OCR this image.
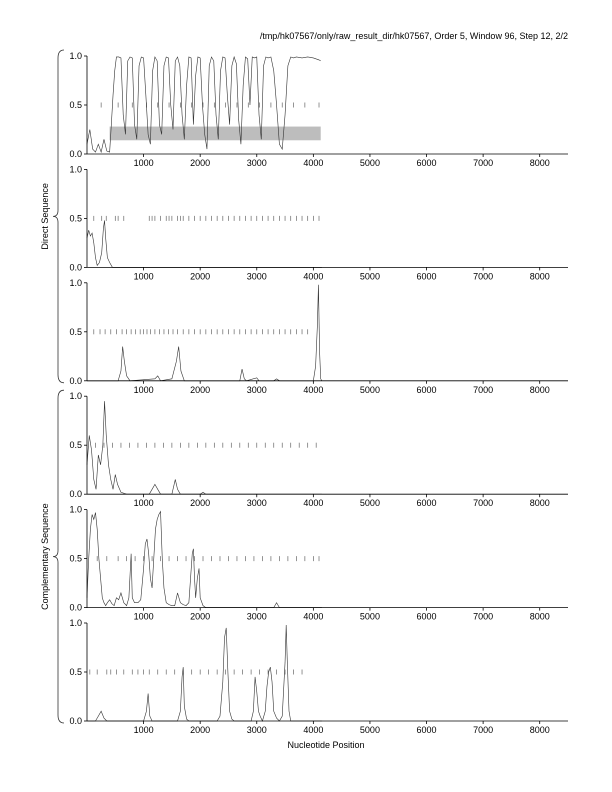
/tmp/hk07567/only/raw_result_dir/hk07567, Order 5, Window 96, Step 12, 2/2
0.0
0.5
1.0
1000	2000	3000	4000	5000	6000	7000	8000
0.0
0.5
1.0
1000	2000	3000	4000	5000	6000	7000	8000
0.0
0.5
1.0
1000	2000	3000	4000	5000	6000	7000	8000
0.0
0.5
1.0
1000	2000	3000	4000	5000	6000	7000	8000
0.0
0.5
1.0
1000	2000	3000	4000	5000	6000	7000	8000
0.0
0.5
1.0
1000	2000	3000	4000	5000	6000	7000	8000
Direct Sequence
Complementary Sequence
Nucleotide Position
